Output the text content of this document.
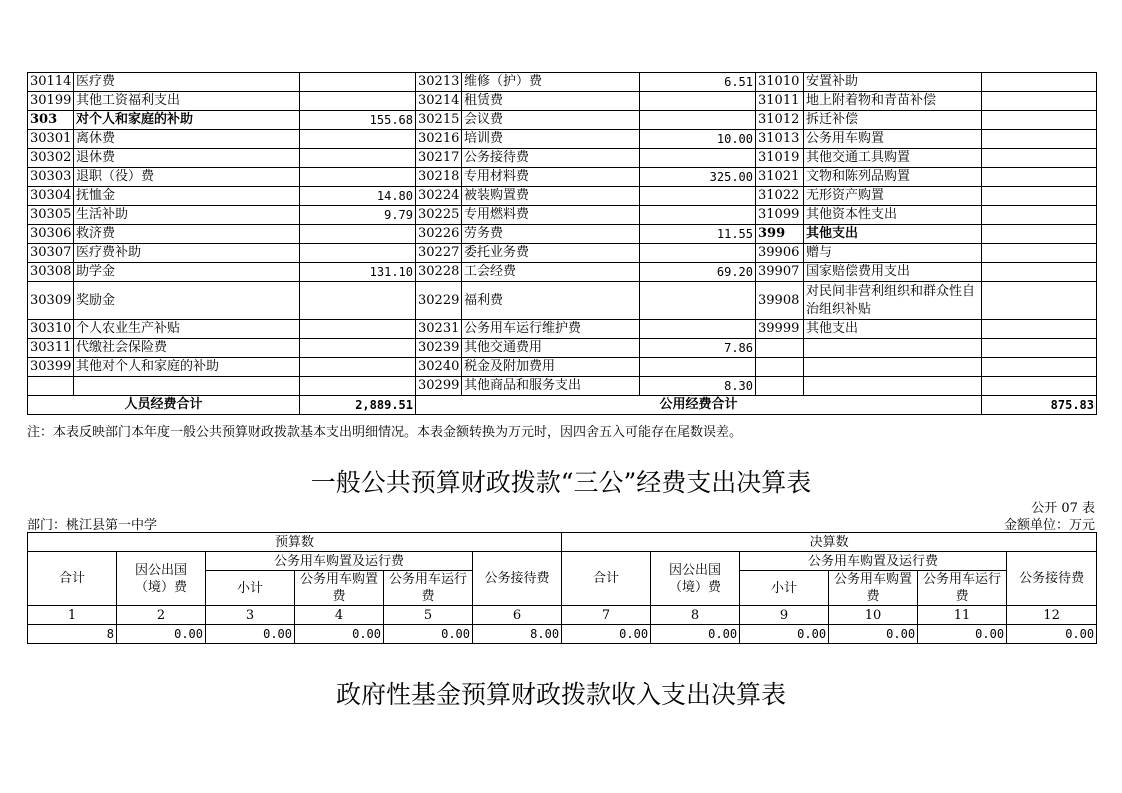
30114	医疗费		30213	维修（护）费	6.51	31010	安置补助	
30199	其他工资福利支出		30214	租赁费		31011	地上附着物和青苗补偿	
303	对个人和家庭的补助	155.68	30215	会议费		31012	拆迁补偿	
30301	离休费		30216	培训费	10.00	31013	公务用车购置	
30302	退休费		30217	公务接待费		31019	其他交通工具购置	
30303	退职（役）费		30218	专用材料费	325.00	31021	文物和陈列品购置	
30304	抚恤金	14.80	30224	被装购置费		31022	无形资产购置	
30305	生活补助	9.79	30225	专用燃料费		31099	其他资本性支出	
30306	救济费		30226	劳务费	11.55	399	其他支出	
30307	医疗费补助		30227	委托业务费		39906	赠与	
30308	助学金	131.10	30228	工会经费	69.20	39907	国家赔偿费用支出	
30309	奖励金		30229	福利费		39908	对民间非营利组织和群众性自治组织补贴	
30310	个人农业生产补贴		30231	公务用车运行维护费		39999	其他支出	
30311	代缴社会保险费		30239	其他交通费用	7.86			
30399	其他对个人和家庭的补助		30240	税金及附加费用				
			30299	其他商品和服务支出	8.30			
人员经费合计		2,889.51	公用经费合计					875.83
注：本表反映部门本年度一般公共预算财政拨款基本支出明细情况。本表金额转换为万元时，因四舍五入可能存在尾数误差。
一般公共预算财政拨款“三公”经费支出决算表
公开 07 表
部门：桃江县第一中学	金额单位：万元
预算数						决算数					
合计	因公出国（境）费	公务用车购置及运行费			公务接待费	合计	因公出国（境）费	公务用车购置及运行费			公务接待费
		小计	公务用车购置费	公务用车运行费				小计	公务用车购置费	公务用车运行费	
1	2	3	4	5	6	7	8	9	10	11	12
8	0.00	0.00	0.00	0.00	8.00	0.00	0.00	0.00	0.00	0.00	0.00
政府性基金预算财政拨款收入支出决算表
